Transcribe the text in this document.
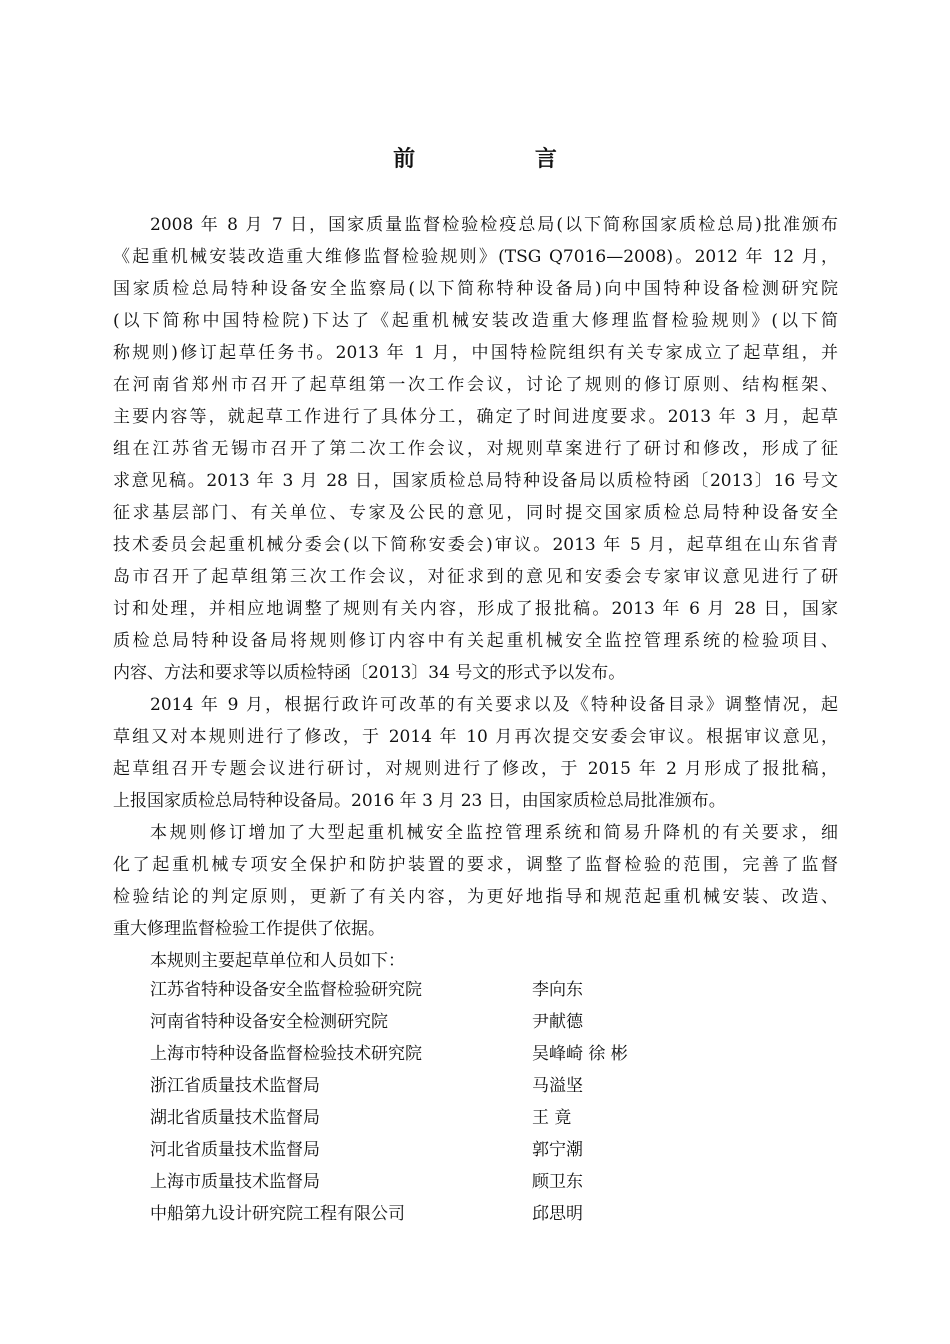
前 言
2008 年 8 月 7 日，国家质量监督检验检疫总局(以下简称国家质检总局)批准颁布
《起重机械安装改造重大维修监督检验规则》(TSG Q7016—2008)。2012 年 12 月，
国家质检总局特种设备安全监察局(以下简称特种设备局)向中国特种设备检测研究院
(以下简称中国特检院)下达了《起重机械安装改造重大修理监督检验规则》(以下简
称规则)修订起草任务书。2013 年 1 月，中国特检院组织有关专家成立了起草组，并
在河南省郑州市召开了起草组第一次工作会议，讨论了规则的修订原则、结构框架、
主要内容等，就起草工作进行了具体分工，确定了时间进度要求。2013 年 3 月，起草
组在江苏省无锡市召开了第二次工作会议，对规则草案进行了研讨和修改，形成了征
求意见稿。2013 年 3 月 28 日，国家质检总局特种设备局以质检特函〔2013〕16 号文
征求基层部门、有关单位、专家及公民的意见，同时提交国家质检总局特种设备安全
技术委员会起重机械分委会(以下简称安委会)审议。2013 年 5 月，起草组在山东省青
岛市召开了起草组第三次工作会议，对征求到的意见和安委会专家审议意见进行了研
讨和处理，并相应地调整了规则有关内容，形成了报批稿。2013 年 6 月 28 日，国家
质检总局特种设备局将规则修订内容中有关起重机械安全监控管理系统的检验项目、
内容、方法和要求等以质检特函〔2013〕34 号文的形式予以发布。
2014 年 9 月，根据行政许可改革的有关要求以及《特种设备目录》调整情况，起
草组又对本规则进行了修改，于 2014 年 10 月再次提交安委会审议。根据审议意见，
起草组召开专题会议进行研讨，对规则进行了修改，于 2015 年 2 月形成了报批稿，
上报国家质检总局特种设备局。2016 年 3 月 23 日，由国家质检总局批准颁布。
本规则修订增加了大型起重机械安全监控管理系统和简易升降机的有关要求，细
化了起重机械专项安全保护和防护装置的要求，调整了监督检验的范围，完善了监督
检验结论的判定原则，更新了有关内容，为更好地指导和规范起重机械安装、改造、
重大修理监督检验工作提供了依据。
本规则主要起草单位和人员如下：
江苏省特种设备安全监督检验研究院	李向东
河南省特种设备安全检测研究院	尹献德
上海市特种设备监督检验技术研究院	吴峰崎 徐 彬
浙江省质量技术监督局	马溢坚
湖北省质量技术监督局	王 竟
河北省质量技术监督局	郭宁潮
上海市质量技术监督局	顾卫东
中船第九设计研究院工程有限公司	邱思明
